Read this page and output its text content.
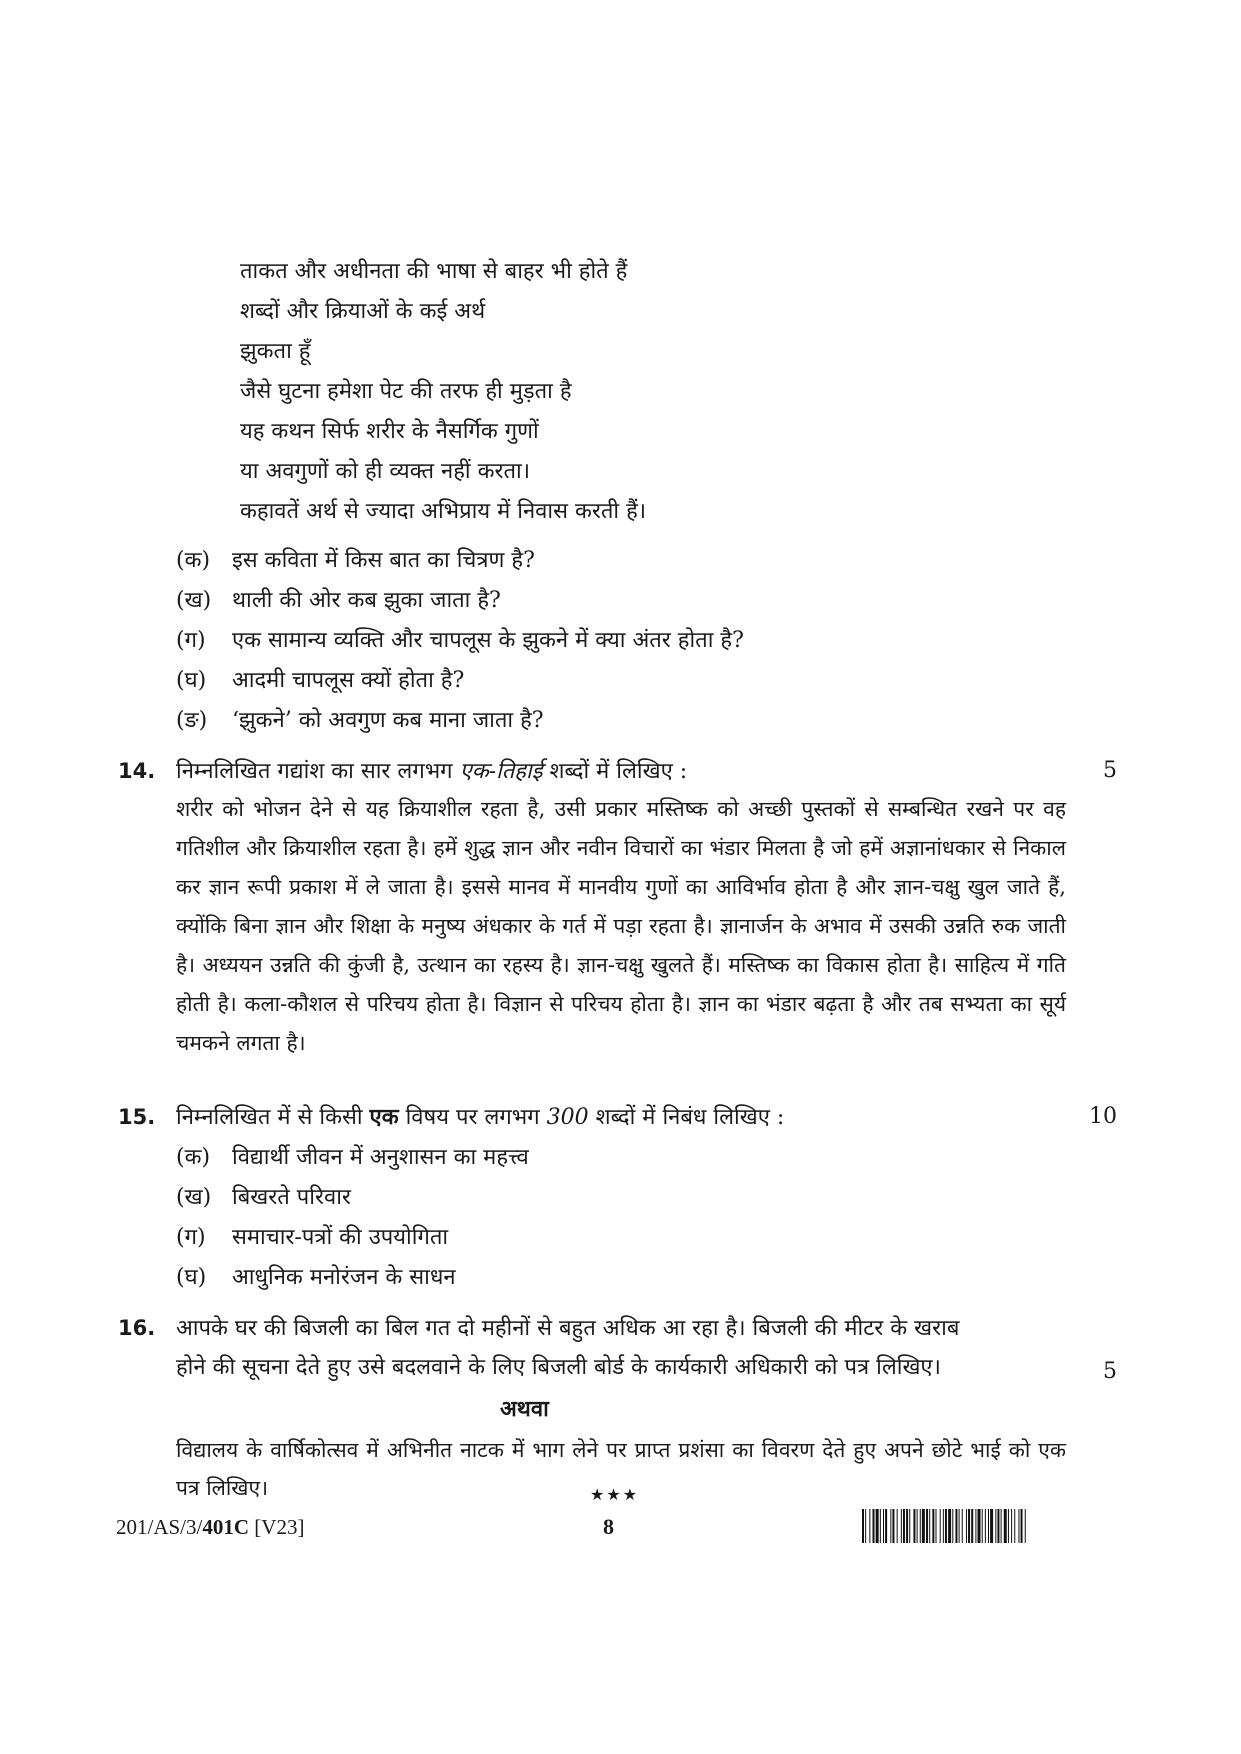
ताकत और अधीनता की भाषा से बाहर भी होते हैं
शब्दों और क्रियाओं के कई अर्थ
झुकता हूँ
जैसे घुटना हमेशा पेट की तरफ ही मुड़ता है
यह कथन सिर्फ शरीर के नैसर्गिक गुणों
या अवगुणों को ही व्यक्त नहीं करता।
कहावतें अर्थ से ज्यादा अभिप्राय में निवास करती हैं।
(क) इस कविता में किस बात का चित्रण है?
(ख) थाली की ओर कब झुका जाता है?
(ग) एक सामान्य व्यक्ति और चापलूस के झुकने में क्या अंतर होता है?
(घ) आदमी चापलूस क्यों होता है?
(ङ) ‘झुकने’ को अवगुण कब माना जाता है?
14. निम्नलिखित गद्यांश का सार लगभग एक-तिहाई शब्दों में लिखिए :	5
शरीर को भोजन देने से यह क्रियाशील रहता है, उसी प्रकार मस्तिष्क को अच्छी पुस्तकों से सम्बन्धित रखने पर वह गतिशील और क्रियाशील रहता है। हमें शुद्ध ज्ञान और नवीन विचारों का भंडार मिलता है जो हमें अज्ञानांधकार से निकाल कर ज्ञान रूपी प्रकाश में ले जाता है। इससे मानव में मानवीय गुणों का आविर्भाव होता है और ज्ञान-चक्षु खुल जाते हैं, क्योंकि बिना ज्ञान और शिक्षा के मनुष्य अंधकार के गर्त में पड़ा रहता है। ज्ञानार्जन के अभाव में उसकी उन्नति रुक जाती है। अध्ययन उन्नति की कुंजी है, उत्थान का रहस्य है। ज्ञान-चक्षु खुलते हैं। मस्तिष्क का विकास होता है। साहित्य में गति होती है। कला-कौशल से परिचय होता है। विज्ञान से परिचय होता है। ज्ञान का भंडार बढ़ता है और तब सभ्यता का सूर्य चमकने लगता है।
15. निम्नलिखित में से किसी एक विषय पर लगभग 300 शब्दों में निबंध लिखिए :	10
(क) विद्यार्थी जीवन में अनुशासन का महत्त्व
(ख) बिखरते परिवार
(ग) समाचार-पत्रों की उपयोगिता
(घ) आधुनिक मनोरंजन के साधन
16. आपके घर की बिजली का बिल गत दो महीनों से बहुत अधिक आ रहा है। बिजली की मीटर के खराब
होने की सूचना देते हुए उसे बदलवाने के लिए बिजली बोर्ड के कार्यकारी अधिकारी को पत्र लिखिए।	5
अथवा
विद्यालय के वार्षिकोत्सव में अभिनीत नाटक में भाग लेने पर प्राप्त प्रशंसा का विवरण देते हुए अपने छोटे भाई को एक पत्र लिखिए।	★★★
201/AS/3/401C [V23]	8
